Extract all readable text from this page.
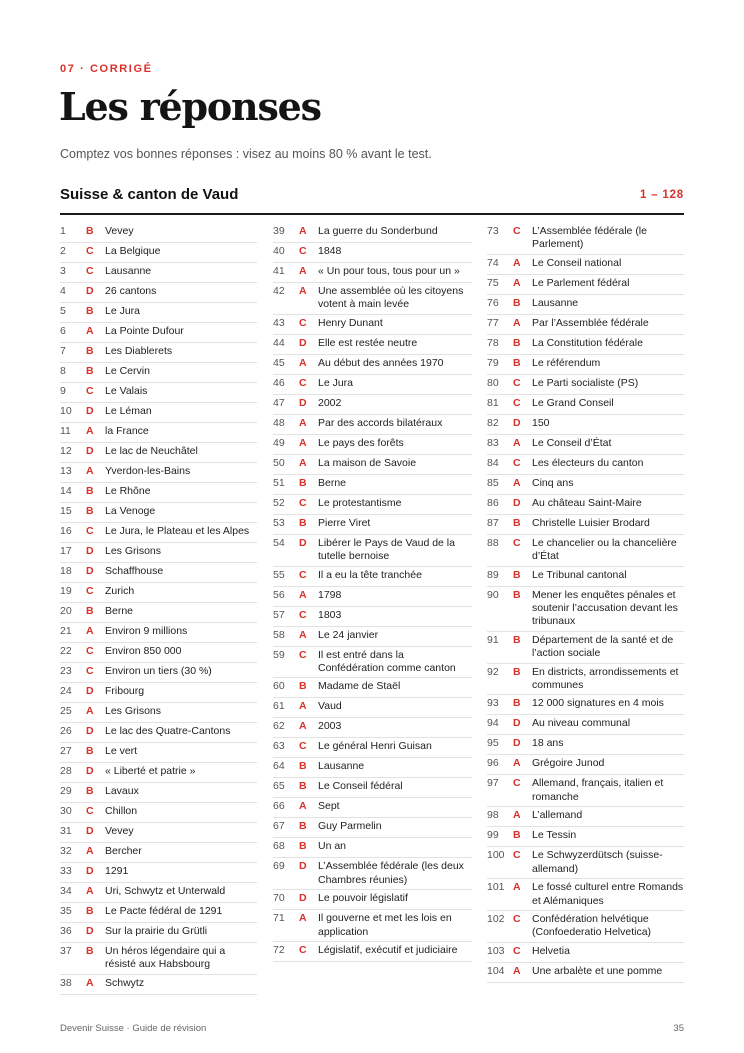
07 · CORRIGÉ
Les réponses
Comptez vos bonnes réponses : visez au moins 80 % avant le test.
Suisse & canton de Vaud	1 – 128
1	B	Vevey
2	C	La Belgique
3	C	Lausanne
4	D	26 cantons
5	B	Le Jura
6	A	La Pointe Dufour
7	B	Les Diablerets
8	B	Le Cervin
9	C	Le Valais
10	D	Le Léman
11	A	la France
12	D	Le lac de Neuchâtel
13	A	Yverdon-les-Bains
14	B	Le Rhône
15	B	La Venoge
16	C	Le Jura, le Plateau et les Alpes
17	D	Les Grisons
18	D	Schaffhouse
19	C	Zurich
20	B	Berne
21	A	Environ 9 millions
22	C	Environ 850 000
23	C	Environ un tiers (30 %)
24	D	Fribourg
25	A	Les Grisons
26	D	Le lac des Quatre-Cantons
27	B	Le vert
28	D	« Liberté et patrie »
29	B	Lavaux
30	C	Chillon
31	D	Vevey
32	A	Bercher
33	D	1291
34	A	Uri, Schwytz et Unterwald
35	B	Le Pacte fédéral de 1291
36	D	Sur la prairie du Grütli
37	B	Un héros légendaire qui a résisté aux Habsbourg
38	A	Schwytz
39	A	La guerre du Sonderbund
40	C	1848
41	A	« Un pour tous, tous pour un »
42	A	Une assemblée où les citoyens votent à main levée
43	C	Henry Dunant
44	D	Elle est restée neutre
45	A	Au début des années 1970
46	C	Le Jura
47	D	2002
48	A	Par des accords bilatéraux
49	A	Le pays des forêts
50	A	La maison de Savoie
51	B	Berne
52	C	Le protestantisme
53	B	Pierre Viret
54	D	Libérer le Pays de Vaud de la tutelle bernoise
55	C	Il a eu la tête tranchée
56	A	1798
57	C	1803
58	A	Le 24 janvier
59	C	Il est entré dans la Confédération comme canton
60	B	Madame de Staël
61	A	Vaud
62	A	2003
63	C	Le général Henri Guisan
64	B	Lausanne
65	B	Le Conseil fédéral
66	A	Sept
67	B	Guy Parmelin
68	B	Un an
69	D	L’Assemblée fédérale (les deux Chambres réunies)
70	D	Le pouvoir législatif
71	A	Il gouverne et met les lois en application
72	C	Législatif, exécutif et judiciaire
73	C	L’Assemblée fédérale (le Parlement)
74	A	Le Conseil national
75	A	Le Parlement fédéral
76	B	Lausanne
77	A	Par l’Assemblée fédérale
78	B	La Constitution fédérale
79	B	Le référendum
80	C	Le Parti socialiste (PS)
81	C	Le Grand Conseil
82	D	150
83	A	Le Conseil d’État
84	C	Les électeurs du canton
85	A	Cinq ans
86	D	Au château Saint-Maire
87	B	Christelle Luisier Brodard
88	C	Le chancelier ou la chancelière d’État
89	B	Le Tribunal cantonal
90	B	Mener les enquêtes pénales et soutenir l’accusation devant les tribunaux
91	B	Département de la santé et de l’action sociale
92	B	En districts, arrondissements et communes
93	B	12 000 signatures en 4 mois
94	D	Au niveau communal
95	D	18 ans
96	A	Grégoire Junod
97	C	Allemand, français, italien et romanche
98	A	L’allemand
99	B	Le Tessin
100 C	Le Schwyzerdütsch (suisse-allemand)
101 A	Le fossé culturel entre Romands et Alémaniques
102 C	Confédération helvétique (Confoederatio Helvetica)
103 C	Helvetia
104 A	Une arbalète et une pomme
Devenir Suisse · Guide de révision	35
